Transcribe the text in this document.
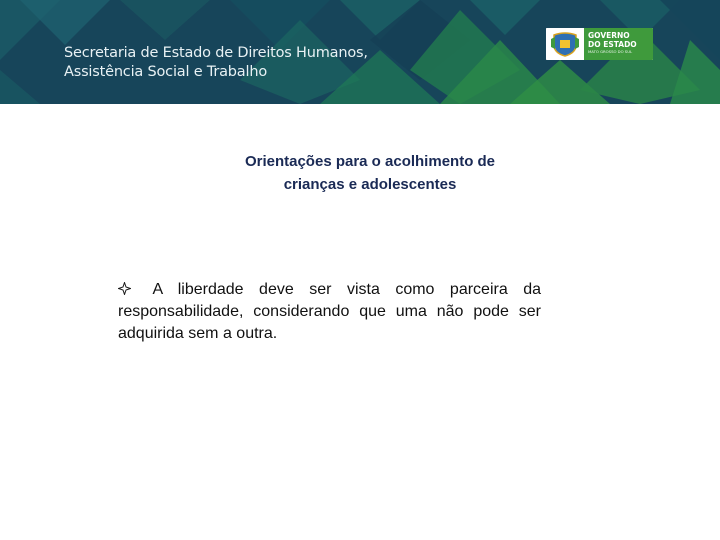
Secretaria de Estado de Direitos Humanos,
Assistência Social e Trabalho
GOVERNO
DO ESTADO
MATO GROSSO DO SUL
Orientações para o acolhimento de
crianças e adolescentes
A liberdade deve ser vista como parceira da responsabilidade, considerando que uma não pode ser adquirida sem a outra.
